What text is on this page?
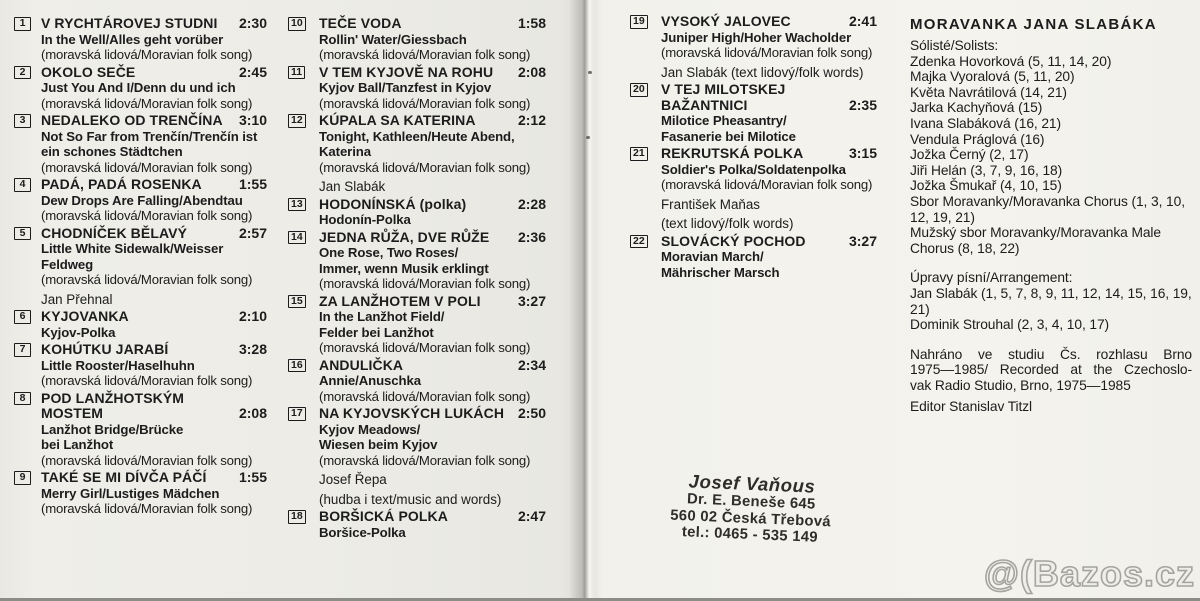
1	V RYCHTÁROVEJ STUDNI 2:30
In the Well/Alles geht vorüber
(moravská lidová/Moravian folk song)
2	OKOLO SEČE	2:45
Just You And I/Denn du und ich
(moravská lidová/Moravian folk song)
3	NEDALEKO OD TRENČÍNA 3:10
Not So Far from Trenčín/Trenčín ist
ein schones Städtchen
(moravská lidová/Moravian folk song)
4	PADÁ, PADÁ ROSENKA	1:55
Dew Drops Are Falling/Abendtau
(moravská lidová/Moravian folk song)
5	CHODNÍČEK BĚLAVÝ	2:57
Little White Sidewalk/Weisser
Feldweg
(moravská lidová/Moravian folk song)
Jan Přehnal
6	KYJOVANKA	2:10
Kyjov-Polka
7	KOHÚTKU JARABÍ	3:28
Little Rooster/Haselhuhn
(moravská lidová/Moravian folk song)
8	POD LANŽHOTSKÝM
MOSTEM	2:08
Lanžhot Bridge/Brücke
bei Lanžhot
(moravská lidová/Moravian folk song)
9	TAKÉ SE MI DÍVČA PÁČÍ 1:55
Merry Girl/Lustiges Mädchen
(moravská lidová/Moravian folk song)
10 TEČE VODA	1:58
Rollin' Water/Giessbach
(moravská lidová/Moravian folk song)
11 V TEM KYJOVĚ NA ROHU 2:08
Kyjov Ball/Tanzfest in Kyjov
(moravská lidová/Moravian folk song)
12 KÚPALA SA KATERINA	2:12
Tonight, Kathleen/Heute Abend,
Katerina
(moravská lidová/Moravian folk song)
Jan Slabák
13 HODONÍNSKÁ (polka)	2:28
Hodonín-Polka
14 JEDNA RŮŽA, DVE RŮŽE 2:36
One Rose, Two Roses/
Immer, wenn Musik erklingt
(moravská lidová/Moravian folk song)
15 ZA LANŽHOTEM V POLI	3:27
In the Lanžhot Field/
Felder bei Lanžhot
(moravská lidová/Moravian folk song)
16 ANDULIČKA	2:34
Annie/Anuschka
(moravská lidová/Moravian folk song)
17 NA KYJOVSKÝCH LUKÁCH 2:50
Kyjov Meadows/
Wiesen beim Kyjov
(moravská lidová/Moravian folk song)
Josef Řepa
(hudba i text/music and words)
18 BORŠICKÁ POLKA	2:47
Boršice-Polka
19 VYSOKÝ JALOVEC	2:41
Juniper High/Hoher Wacholder
(moravská lidová/Moravian folk song)
Jan Slabák (text lidový/folk words)
20 V TEJ MILOTSKEJ
BAŽANTNICI	2:35
Milotice Pheasantry/
Fasanerie bei Milotice
21 REKRUTSKÁ POLKA	3:15
Soldier's Polka/Soldatenpolka
(moravská lidová/Moravian folk song)
František Maňas
(text lidový/folk words)
22 SLOVÁCKÝ POCHOD	3:27
Moravian March/
Mährischer Marsch
MORAVANKA JANA SLABÁKA
Sólisté/Solists:
Zdenka Hovorková (5, 11, 14, 20)
Majka Vyoralová (5, 11, 20)
Květa Navrátilová (14, 21)
Jarka Kachyňová (15)
Ivana Slabáková (16, 21)
Vendula Práglová (16)
Jožka Černý (2, 17)
Jiři Helán (3, 7, 9, 16, 18)
Jožka Šmukař (4, 10, 15)
Sbor Moravanky/Moravanka Chorus (1, 3, 10, 12, 19, 21)
Mužský sbor Moravanky/Moravanka Male Chorus (8, 18, 22)
Úpravy písní/Arrangement:
Jan Slabák (1, 5, 7, 8, 9, 11, 12, 14, 15, 16, 19, 21)
Dominik Strouhal (2, 3, 4, 10, 17)
Nahráno ve studiu Čs. rozhlasu Brno
1975—1985/ Recorded at the Czechoslo-
vak Radio Studio, Brno, 1975—1985
Editor Stanislav Titzl
Josef Vaňous
Dr. E. Beneše 645
560 02 Česká Třebová
tel.: 0465 - 535 149
@(Bazos.cz
